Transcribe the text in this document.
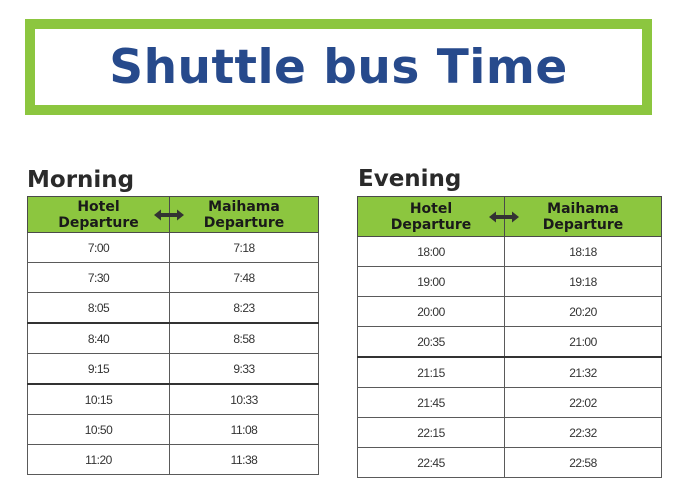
Shuttle bus Time
Morning
Hotel
Departure	Maihama
Departure

7:00	7:18
7:30	7:48
8:05	8:23
8:40	8:58
9:15	9:33
10:15	10:33
10:50	11:08
11:20	11:38
Evening
Hotel
Departure	Maihama
Departure

18:00	18:18
19:00	19:18
20:00	20:20
20:35	21:00
21:15	21:32
21:45	22:02
22:15	22:32
22:45	22:58
